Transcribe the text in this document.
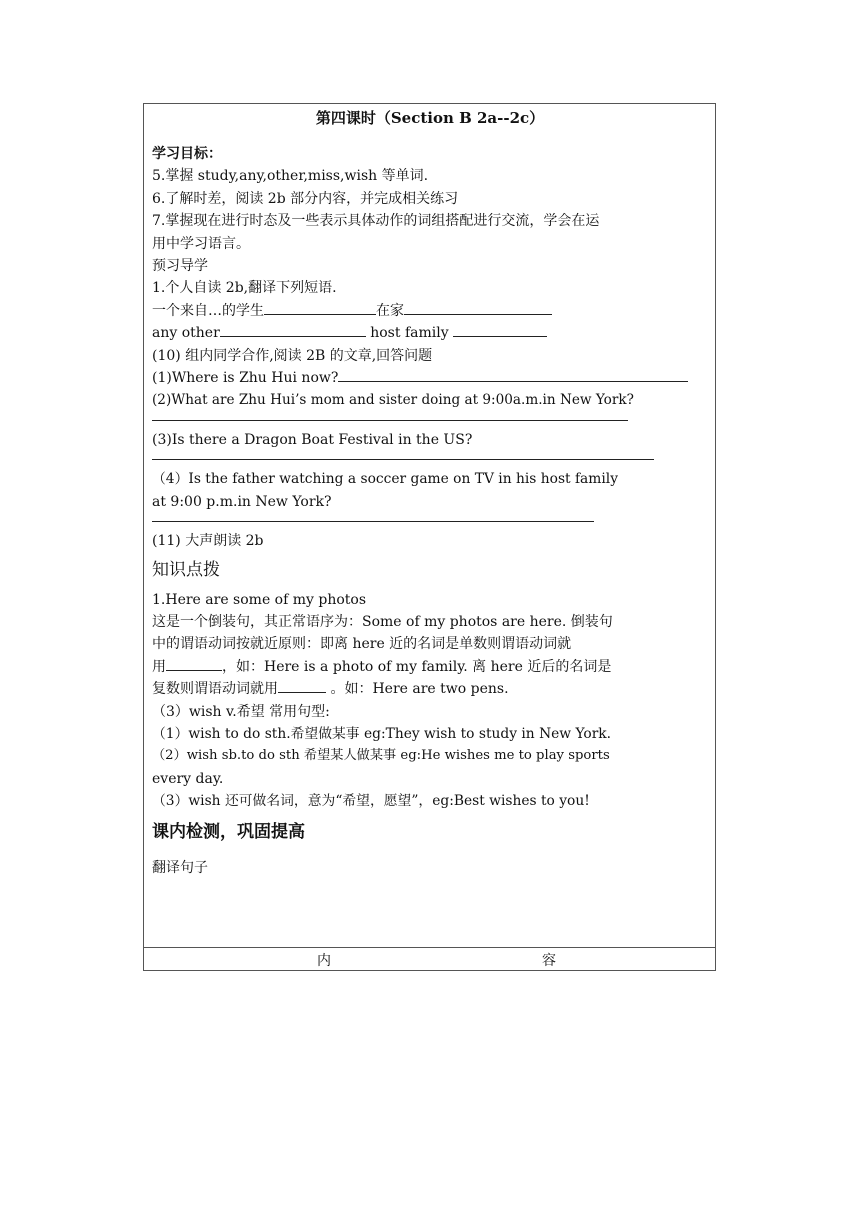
第四课时（Section B 2a--2c）
学习目标：
5.掌握 study,any,other,miss,wish 等单词.
6.了解时差，阅读 2b 部分内容，并完成相关练习
7.掌握现在进行时态及一些表示具体动作的词组搭配进行交流，学会在运
用中学习语言。
预习导学
1.个人自读 2b,翻译下列短语.
一个来自…的学生	在家
any other	host family
(10) 组内同学合作,阅读 2B 的文章,回答问题
(1)Where is Zhu Hui now?
(2)What are Zhu Hui’s mom and sister doing at 9:00a.m.in New York?
(3)Is there a Dragon Boat Festival in the US?
（4）Is the father watching a soccer game on TV in his host family
at 9:00 p.m.in New York?
(11) 大声朗读 2b
知识点拨
1.Here are some of my photos
这是一个倒装句，其正常语序为：Some of my photos are here. 倒装句
中的谓语动词按就近原则：即离 here 近的名词是单数则谓语动词就
用	，如：Here is a photo of my family. 离 here 近后的名词是
复数则谓语动词就用	。如：Here are two pens.
（3）wish v.希望 常用句型:
（1）wish to do sth.希望做某事 eg:They wish to study in New York.
（2）wish sb.to do sth 希望某人做某事 eg:He wishes me to play sports
every day.
（3）wish 还可做名词，意为“希望，愿望”，eg:Best wishes to you!
课内检测，巩固提高
翻译句子
内	容
